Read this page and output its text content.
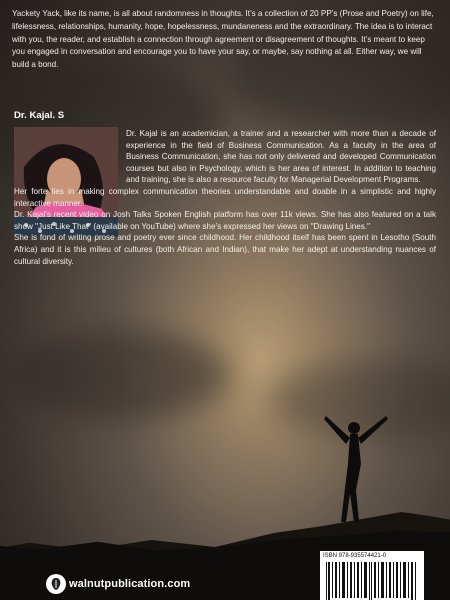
Yackety Yack, like its name, is all about randomness in thoughts. It’s a collection of 20 PP’s (Prose and Poetry) on life, lifelessness, relationships, humanity, hope, hopelessness, mundaneness and the extraordinary. The idea is to interact with you, the reader, and establish a connection through agreement or disagreement of thoughts. It’s meant to keep you engaged in conversation and encourage you to have your say, or maybe, say nothing at all. Either way, we will build a bond.

Dr. Kajal. S

Dr. Kajal is an academician, a trainer and a researcher with more than a decade of experience in the field of Business Communication. As a faculty in the area of Business Communication, she has not only delivered and developed Communication courses but also in Psychology, which is her area of interest. In addition to teaching and training, she is also a resource faculty for Managerial Development Programs.

Her forte lies in making complex communication theories understandable and doable in a simplistic and highly interactive manner.

Dr. Kajal’s recent video on Josh Talks Spoken English platform has over 11k views. She has also featured on a talk show "Just Like That" (available on YouTube) where she’s expressed her views on "Drawing Lines."

She is fond of writing prose and poetry ever since childhood. Her childhood itself has been spent in Lesotho (South Africa) and it is this milieu of cultures (both African and Indian), that make her adept at understanding nuances of cultural diversity.

ISBN 978-935574421-0
walnutpublication.com
